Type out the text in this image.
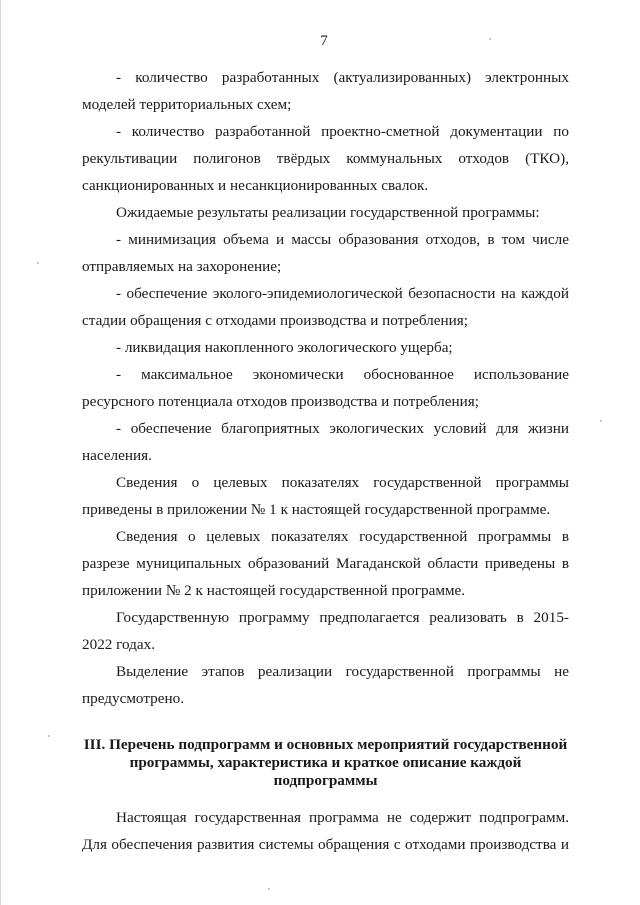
7

- количество разработанных (актуализированных) электронных моделей территориальных схем;

- количество разработанной проектно-сметной документации по рекультивации полигонов твёрдых коммунальных отходов (ТКО), санкционированных и несанкционированных свалок.

Ожидаемые результаты реализации государственной программы:

- минимизация объема и массы образования отходов, в том числе отправляемых на захоронение;

- обеспечение эколого-эпидемиологической безопасности на каждой стадии обращения с отходами производства и потребления;

- ликвидация накопленного экологического ущерба;

- максимальное экономически обоснованное использование ресурсного потенциала отходов производства и потребления;

- обеспечение благоприятных экологических условий для жизни населения.

Сведения о целевых показателях государственной программы приведены в приложении № 1 к настоящей государственной программе.

Сведения о целевых показателях государственной программы в разрезе муниципальных образований Магаданской области приведены в приложении № 2 к настоящей государственной программе.

Государственную программу предполагается реализовать в 2015-2022 годах.

Выделение этапов реализации государственной программы не предусмотрено.

III. Перечень подпрограмм и основных мероприятий государственной
программы, характеристика и краткое описание каждой
подпрограммы

Настоящая государственная программа не содержит подпрограмм. Для обеспечения развития системы обращения с отходами производства и
